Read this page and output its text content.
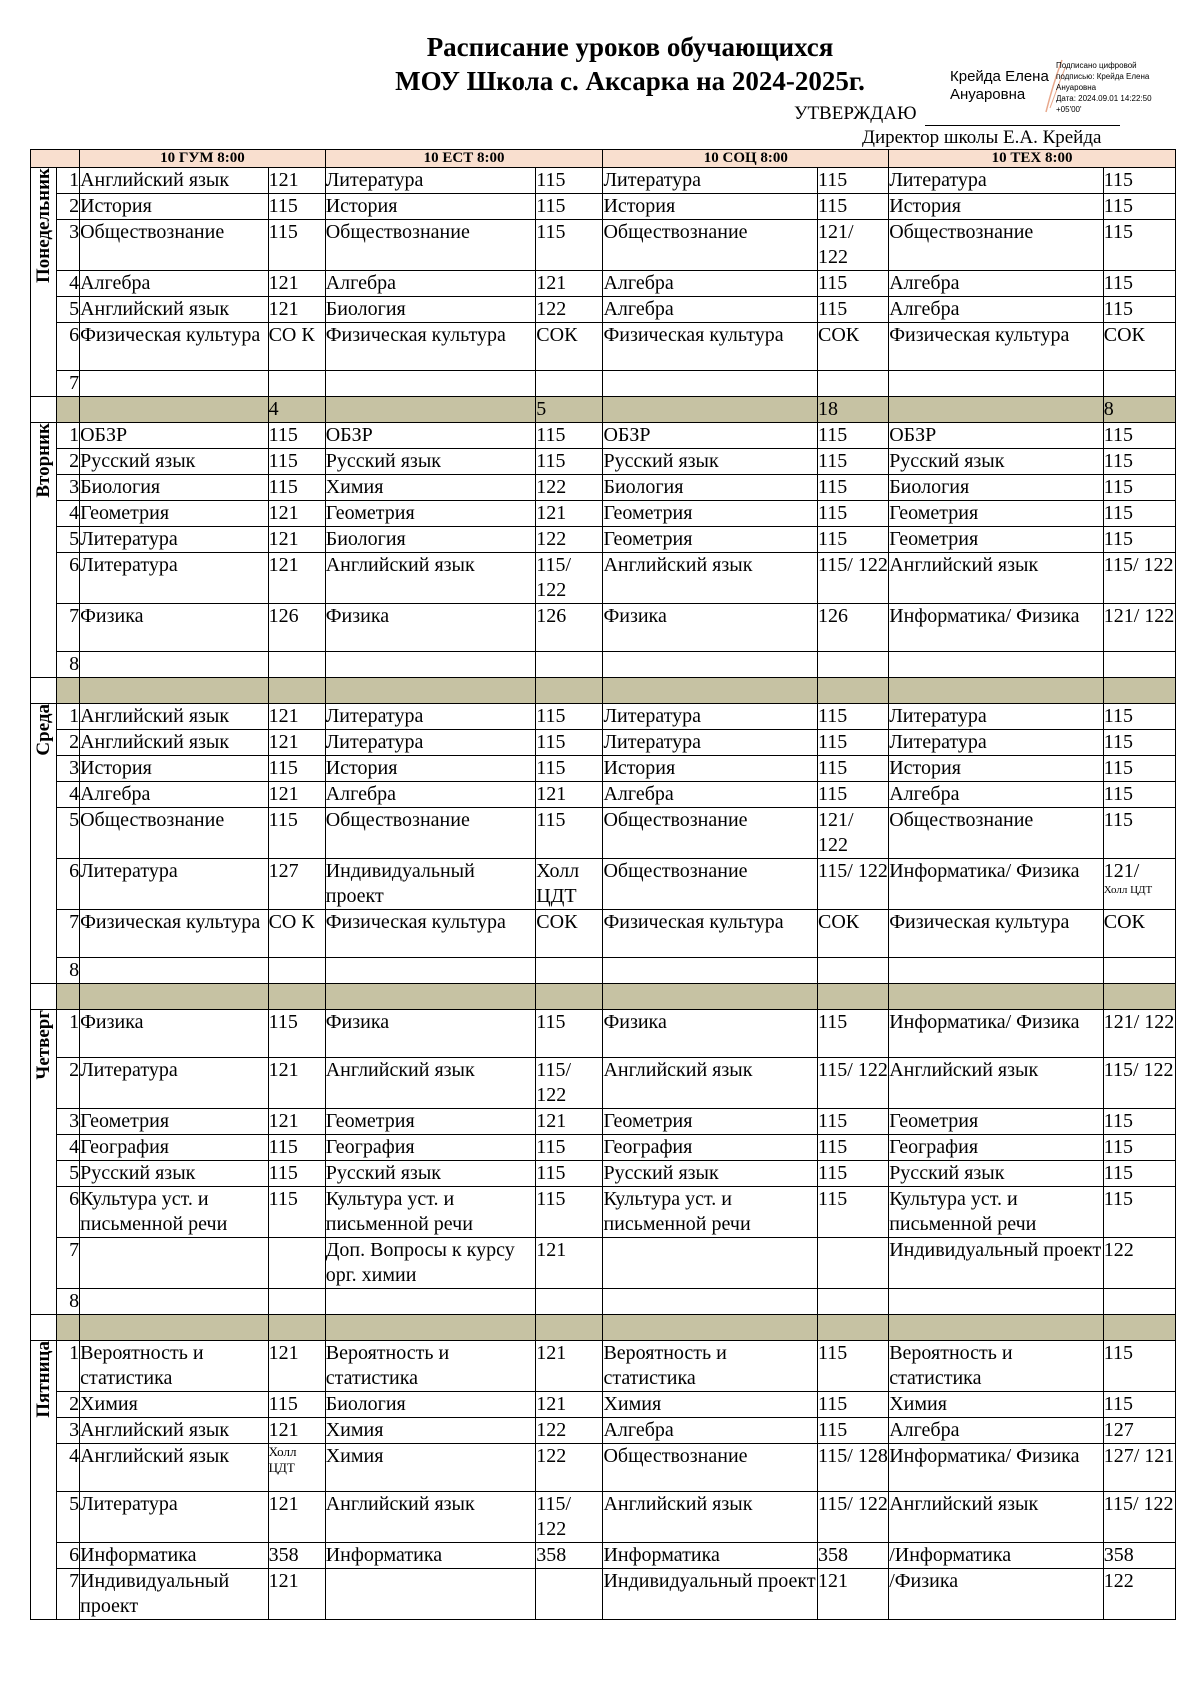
Расписание уроков обучающихся
МОУ Школа с. Аксарка на 2024-2025г.	Крейда Елена
Ануаровна
Подписано цифровой
подписью: Крейда Елена
Ануаровна
Дата: 2024.09.01 14:22:50
+05'00'
УТВЕРЖДАЮ
Директор школы Е.А. Крейда
		10 ГУМ 8:00		10 ЕСТ 8:00		10 СОЦ 8:00		10 ТЕХ 8:00	
Понедельник	1	Английский язык	121	Литература	115	Литература	115	Литература	115
	2	История	115	История	115	История	115	История	115
	3	Обществознание	115	Обществознание	115	Обществознание	121/ 122	Обществознание	115
	4	Алгебра	121	Алгебра	121	Алгебра	115	Алгебра	115
	5	Английский язык	121	Биология	122	Алгебра	115	Алгебра	115
	6	Физическая культура	СО К	Физическая культура	СОК	Физическая культура	СОК	Физическая культура	СОК
	7								
			4		5		18		8
Вторник	1	ОБЗР	115	ОБЗР	115	ОБЗР	115	ОБЗР	115
	2	Русский язык	115	Русский язык	115	Русский язык	115	Русский язык	115
	3	Биология	115	Химия	122	Биология	115	Биология	115
	4	Геометрия	121	Геометрия	121	Геометрия	115	Геометрия	115
	5	Литература	121	Биология	122	Геометрия	115	Геометрия	115
	6	Литература	121	Английский язык	115/ 122	Английский язык	115/ 122	Английский язык	115/ 122
	7	Физика	126	Физика	126	Физика	126	Информатика/ Физика	121/ 122
	8								

Среда	1	Английский язык	121	Литература	115	Литература	115	Литература	115
	2	Английский язык	121	Литература	115	Литература	115	Литература	115
	3	История	115	История	115	История	115	История	115
	4	Алгебра	121	Алгебра	121	Алгебра	115	Алгебра	115
	5	Обществознание	115	Обществознание	115	Обществознание	121/ 122	Обществознание	115
	6	Литература	127	Индивидуальный проект	Холл ЦДТ	Обществознание	115/ 122	Информатика/ Физика	121/
Холл ЦДТ

	7	Физическая культура	СО К	Физическая культура	СОК	Физическая культура	СОК	Физическая культура	СОК
	8								

Четверг	1	Физика	115	Физика	115	Физика	115	Информатика/ Физика	121/ 122
	2	Литература	121	Английский язык	115/ 122	Английский язык	115/ 122	Английский язык	115/ 122
	3	Геометрия	121	Геометрия	121	Геометрия	115	Геометрия	115
	4	География	115	География	115	География	115	География	115
	5	Русский язык	115	Русский язык	115	Русский язык	115	Русский язык	115
	6	Культура уст. и письменной речи	115	Культура уст. и письменной речи	115	Культура уст. и письменной речи	115	Культура уст. и письменной речи	115
	7			Доп. Вопросы к курсу орг. химии	121			Индивидуальный проект	122
	8								

Пятница	1	Вероятность и статистика	121	Вероятность и статистика	121	Вероятность и статистика	115	Вероятность и статистика	115
	2	Химия	115	Биология	121	Химия	115	Химия	115
	3	Английский язык	121	Химия	122	Алгебра	115	Алгебра	127
	4	Английский язык	Холл ЦДТ	Химия	122	Обществознание	115/ 128	Информатика/ Физика	127/ 121
	5	Литература	121	Английский язык	115/ 122	Английский язык	115/ 122	Английский язык	115/ 122
	6	Информатика	358	Информатика	358	Информатика	358	/Информатика	358
	7	Индивидуальный проект	121			Индивидуальный проект	121	/Физика	122
